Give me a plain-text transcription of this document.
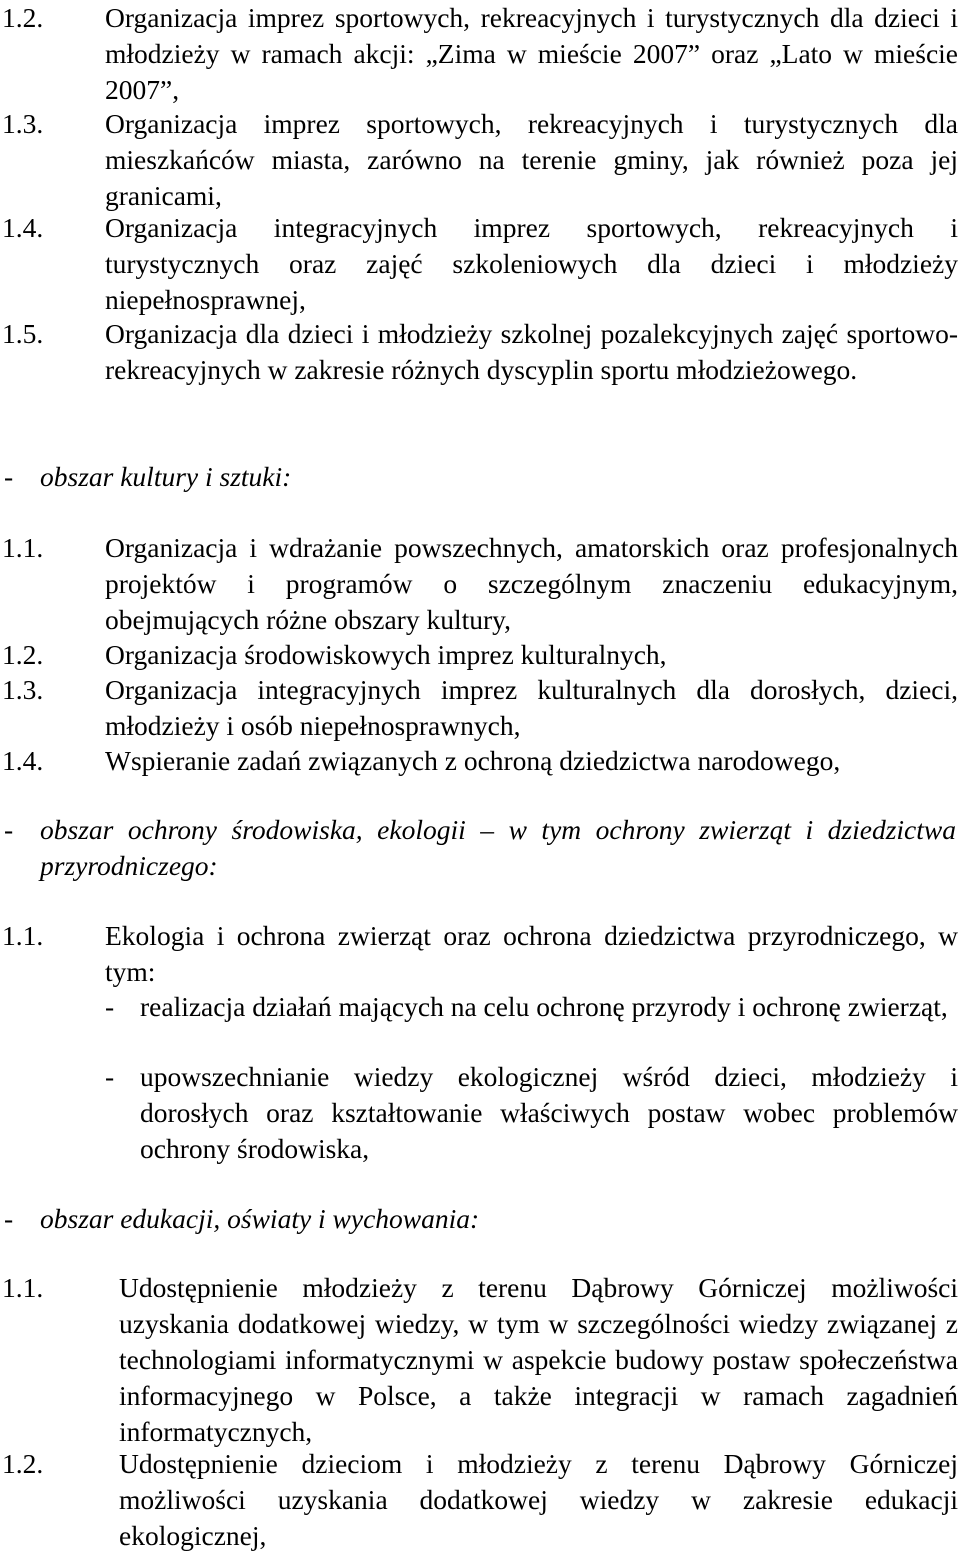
1.2. Organizacja imprez sportowych, rekreacyjnych i turystycznych dla dzieci i młodzieży w ramach akcji: „Zima w mieście 2007” oraz „Lato w mieście 2007”,
1.3. Organizacja imprez sportowych, rekreacyjnych i turystycznych dla mieszkańców miasta, zarówno na terenie gminy, jak również poza jej granicami,
1.4. Organizacja integracyjnych imprez sportowych, rekreacyjnych i turystycznych oraz zajęć szkoleniowych dla dzieci i młodzieży niepełnosprawnej,
1.5. Organizacja dla dzieci i młodzieży szkolnej pozalekcyjnych zajęć sportowo-rekreacyjnych w zakresie różnych dyscyplin sportu młodzieżowego.
- obszar kultury i sztuki:
1.1. Organizacja i wdrażanie powszechnych, amatorskich oraz profesjonalnych projektów i programów o szczególnym znaczeniu edukacyjnym, obejmujących różne obszary kultury,
1.2. Organizacja środowiskowych imprez kulturalnych,
1.3. Organizacja integracyjnych imprez kulturalnych dla dorosłych, dzieci, młodzieży i osób niepełnosprawnych,
1.4. Wspieranie zadań związanych z ochroną dziedzictwa narodowego,
- obszar ochrony środowiska, ekologii – w tym ochrony zwierząt i dziedzictwa przyrodniczego:
1.1. Ekologia i ochrona zwierząt oraz ochrona dziedzictwa przyrodniczego, w tym:
- realizacja działań mających na celu ochronę przyrody i ochronę zwierząt,
- upowszechnianie wiedzy ekologicznej wśród dzieci, młodzieży i dorosłych oraz kształtowanie właściwych postaw wobec problemów ochrony środowiska,
- obszar edukacji, oświaty i wychowania:
1.1.	Udostępnienie młodzieży z terenu Dąbrowy Górniczej możliwości uzyskania dodatkowej wiedzy, w tym w szczególności wiedzy związanej z technologiami informatycznymi w aspekcie budowy postaw społeczeństwa informacyjnego w Polsce, a także integracji w ramach zagadnień informatycznych,
1.2.	Udostępnienie dzieciom i młodzieży z terenu Dąbrowy Górniczej możliwości uzyskania dodatkowej wiedzy w zakresie edukacji ekologicznej,
